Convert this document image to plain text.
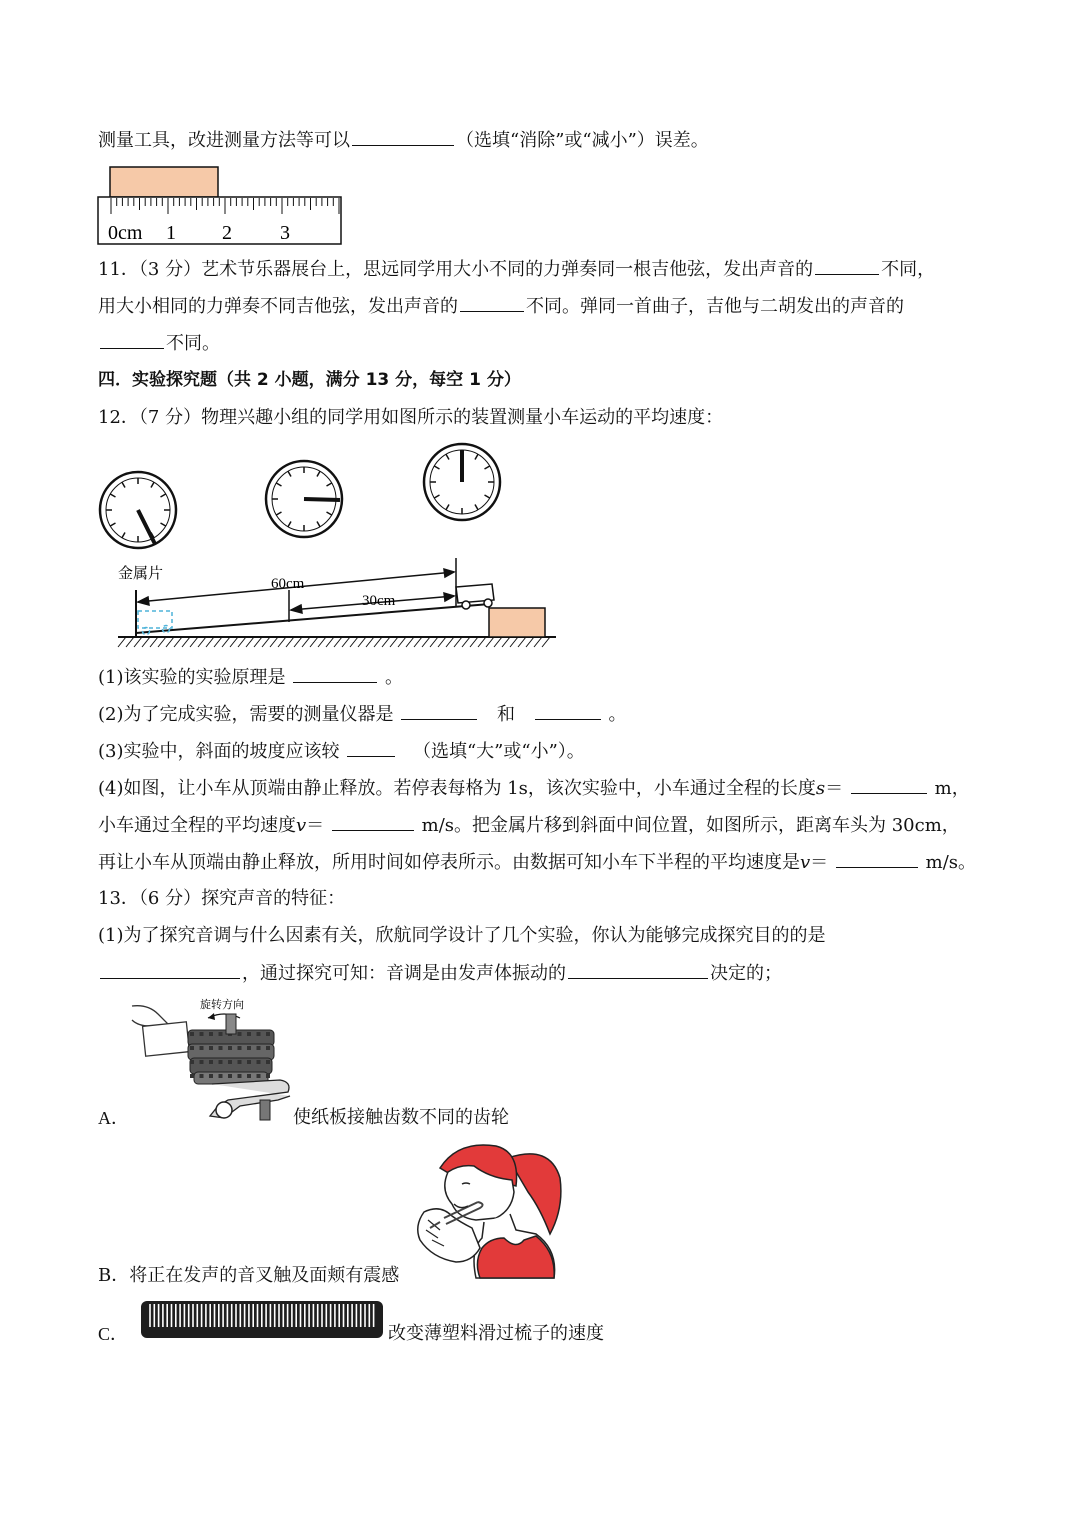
测量工具，改进测量方法等可以	（选填“消除”或“减小”）误差。
0cm 1 2 3
11．（3 分）艺术节乐器展台上，思远同学用大小不同的力弹奏同一根吉他弦，发出声音的	不同，
用大小相同的力弹奏不同吉他弦，发出声音的	不同。弹同一首曲子，吉他与二胡发出的声音的
不同。
四．实验探究题（共 2 小题，满分 13 分，每空 1 分）
12．（7 分）物理兴趣小组的同学用如图所示的装置测量小车运动的平均速度：
金属片
60cm
30cm
(1)该实验的实验原理是	。
(2)为了完成实验，需要的测量仪器是	和	。
(3)实验中，斜面的坡度应该较	（选填“大”或“小”）。
(4)如图，让小车从顶端由静止释放。若停表每格为 1s，该次实验中，小车通过全程的长度s＝	m，
小车通过全程的平均速度v＝	m/s。把金属片移到斜面中间位置，如图所示，距离车头为 30cm，
再让小车从顶端由静止释放，所用时间如停表所示。由数据可知小车下半程的平均速度是v＝	m/s。
13．（6 分）探究声音的特征：
(1)为了探究音调与什么因素有关，欣航同学设计了几个实验，你认为能够完成探究目的的是
，通过探究可知：音调是由发声体振动的	决定的；
旋转方向
A．	使纸板接触齿数不同的齿轮
B．将正在发声的音叉触及面颊有震感
C．	改变薄塑料滑过梳子的速度
